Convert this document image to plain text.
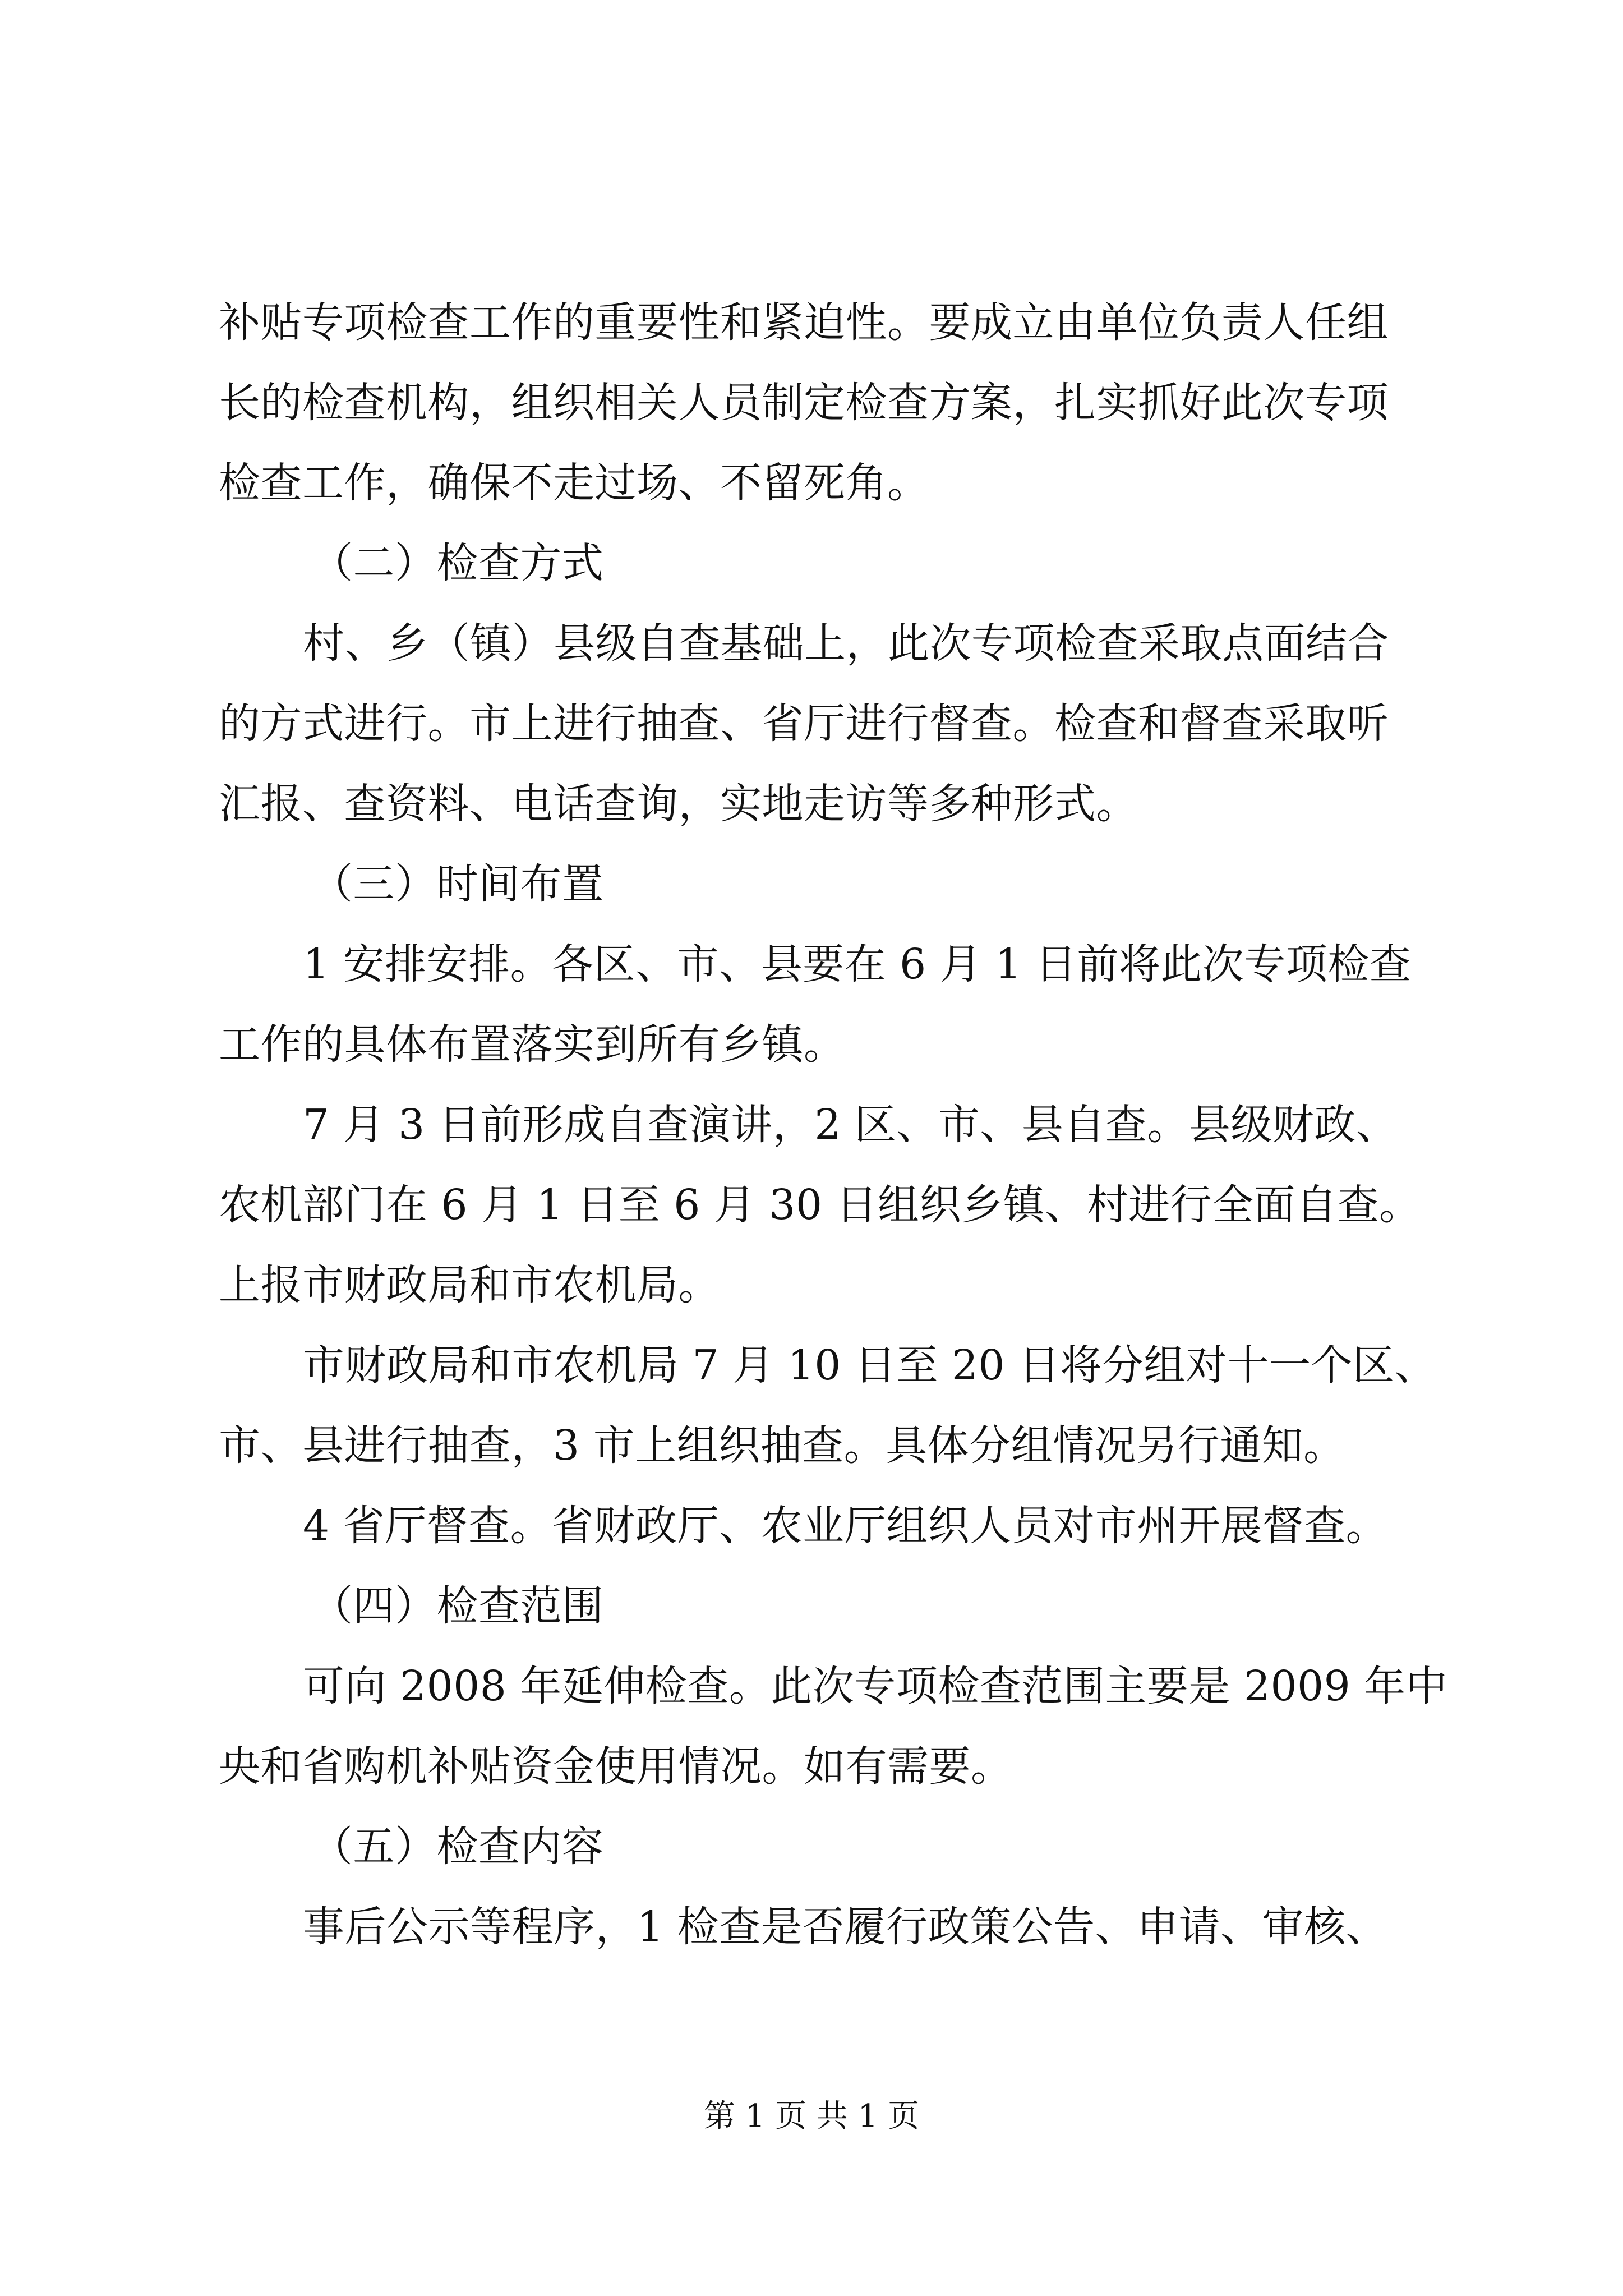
补贴专项检查工作的重要性和紧迫性。要成立由单位负责人任组
长的检查机构，组织相关人员制定检查方案，扎实抓好此次专项
检查工作，确保不走过场、不留死角。
（二）检查方式
村、乡（镇）县级自查基础上，此次专项检查采取点面结合
的方式进行。市上进行抽查、省厅进行督查。检查和督查采取听
汇报、查资料、电话查询，实地走访等多种形式。
（三）时间布置
1 安排安排。各区、市、县要在 6 月 1 日前将此次专项检查
工作的具体布置落实到所有乡镇。
7 月 3 日前形成自查演讲，2 区、市、县自查。县级财政、
农机部门在 6 月 1 日至 6 月 30 日组织乡镇、村进行全面自查。
上报市财政局和市农机局。
市财政局和市农机局 7 月 10 日至 20 日将分组对十一个区、
市、县进行抽查，3 市上组织抽查。具体分组情况另行通知。
4 省厅督查。省财政厅、农业厅组织人员对市州开展督查。
（四）检查范围
可向 2008 年延伸检查。此次专项检查范围主要是 2009 年中
央和省购机补贴资金使用情况。如有需要。
（五）检查内容
事后公示等程序，1 检查是否履行政策公告、申请、审核、
第 1 页 共 1 页
